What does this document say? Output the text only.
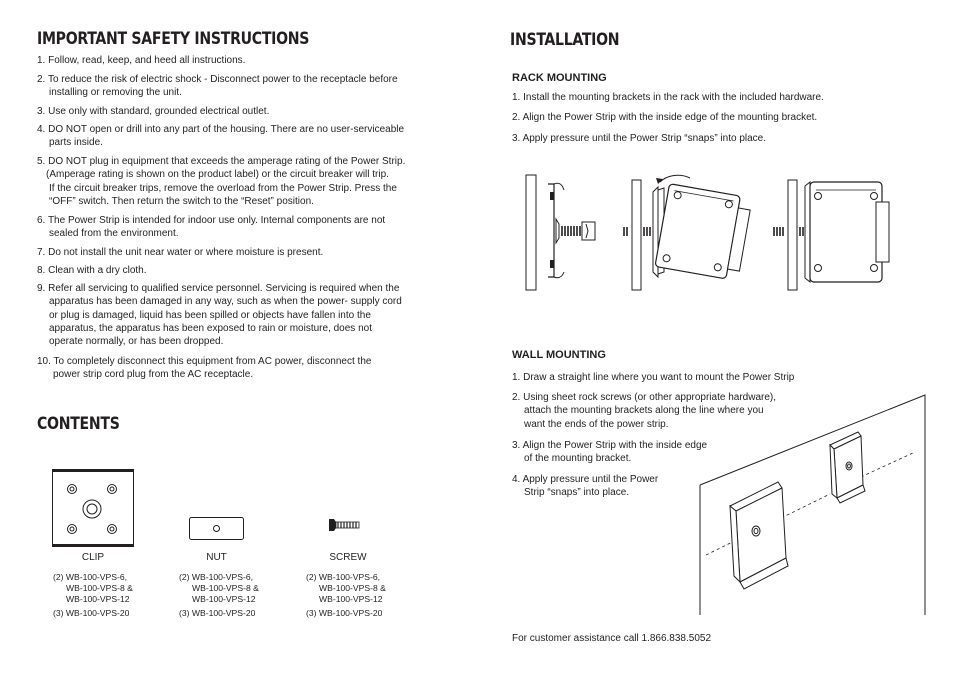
IMPORTANT SAFETY INSTRUCTIONS
1. Follow, read, keep, and heed all instructions.
2. To reduce the risk of electric shock - Disconnect power to the receptacle before
installing or removing the unit.
3. Use only with standard, grounded electrical outlet.
4. DO NOT open or drill into any part of the housing. There are no user-serviceable
parts inside.
5. DO NOT plug in equipment that exceeds the amperage rating of the Power Strip.
(Amperage rating is shown on the product label) or the circuit breaker will trip.
If the circuit breaker trips, remove the overload from the Power Strip. Press the
“OFF” switch. Then return the switch to the “Reset” position.
6. The Power Strip is intended for indoor use only. Internal components are not
sealed from the environment.
7. Do not install the unit near water or where moisture is present.
8. Clean with a dry cloth.
9. Refer all servicing to qualified service personnel. Servicing is required when the
apparatus has been damaged in any way, such as when the power- supply cord
or plug is damaged, liquid has been spilled or objects have fallen into the
apparatus, the apparatus has been exposed to rain or moisture, does not
operate normally, or has been dropped.
10. To completely disconnect this equipment from AC power, disconnect the
power strip cord plug from the AC receptacle.
CONTENTS
CLIP
(2) WB-100-VPS-6,
WB-100-VPS-8 &
WB-100-VPS-12
(3) WB-100-VPS-20
NUT
(2) WB-100-VPS-6,
WB-100-VPS-8 &
WB-100-VPS-12
(3) WB-100-VPS-20
SCREW
(2) WB-100-VPS-6,
WB-100-VPS-8 &
WB-100-VPS-12
(3) WB-100-VPS-20
INSTALLATION
RACK MOUNTING
1. Install the mounting brackets in the rack with the included hardware.
2. Align the Power Strip with the inside edge of the mounting bracket.
3. Apply pressure until the Power Strip “snaps” into place.
WALL MOUNTING
1. Draw a straight line where you want to mount the Power Strip
2. Using sheet rock screws (or other appropriate hardware),
attach the mounting brackets along the line where you
want the ends of the power strip.
3. Align the Power Strip with the inside edge
of the mounting bracket.
4. Apply pressure until the Power
Strip “snaps” into place.
For customer assistance call 1.866.838.5052
